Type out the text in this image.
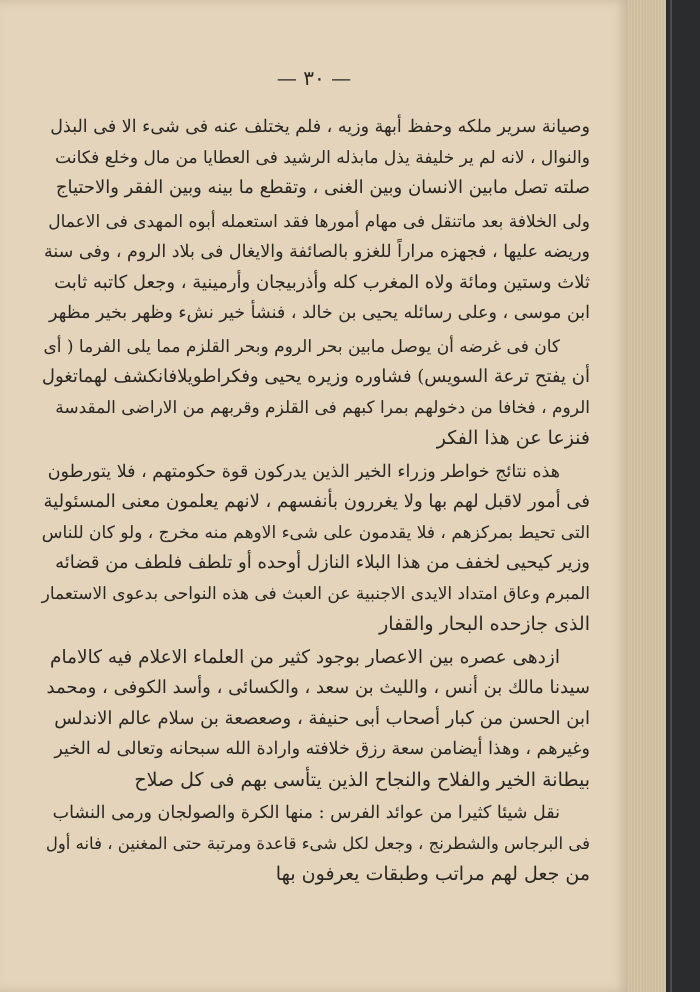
— ٣٠ —
وصيانة سرير ملكه وحفظ أبهة وزيه ، فلم يختلف عنه فى شىء الا فى البذل
والنوال ، لانه لم ير خليفة يذل مابذله الرشيد فى العطايا من مال وخلع فكانت
صلته تصل مابين الانسان وبين الغنى ، وتقطع ما بينه وبين الفقر والاحتياج
ولى الخلافة بعد ماتنقل فى مهام أمورها فقد استعمله أبوه المهدى فى الاعمال
وريضه عليها ، فجهزه مراراً للغزو بالصائفة والايغال فى بلاد الروم ، وفى سنة
ثلاث وستين ومائة ولاه المغرب كله وأذربيجان وأرمينية ، وجعل كاتبه ثابت
ابن موسى ، وعلى رسائله يحيى بن خالد ، فنشأ خير نشء وظهر بخير مظهر
كان فى غرضه أن يوصل مابين بحر الروم وبحر القلزم مما يلى الفرما ( أى
أن يفتح ترعة السويس) فشاوره وزيره يحيى وفكراطويلافانكشف لهماتغول
الروم ، فخافا من دخولهم بمرا كبهم فى القلزم وقربهم من الاراضى المقدسة
فنزعا عن هذا الفكر
هذه نتائج خواطر وزراء الخير الذين يدركون قوة حكومتهم ، فلا يتورطون
فى أمور لاقبل لهم بها ولا يغررون بأنفسهم ، لانهم يعلمون معنى المسئولية
التى تحيط بمركزهم ، فلا يقدمون على شىء الاوهم منه مخرج ، ولو كان للناس
وزير كيحيى لخفف من هذا البلاء النازل أوحده أو تلطف فلطف من قضائه
المبرم وعاق امتداد الايدى الاجنبية عن العبث فى هذه النواحى بدعوى الاستعمار
الذى جازحده البحار والقفار
ازدهى عصره بين الاعصار بوجود كثير من العلماء الاعلام فيه كالامام
سيدنا مالك بن أنس ، والليث بن سعد ، والكسائى ، وأسد الكوفى ، ومحمد
ابن الحسن من كبار أصحاب أبى حنيفة ، وصعصعة بن سلام عالم الاندلس
وغيرهم ، وهذا أيضامن سعة رزق خلافته وارادة الله سبحانه وتعالى له الخير
بيطانة الخير والفلاح والنجاح الذين يتأسى بهم فى كل صلاح
نقل شيئا كثيرا من عوائد الفرس : منها الكرة والصولجان ورمى النشاب
فى البرجاس والشطرنج ، وجعل لكل شىء قاعدة ومرتبة حتى المغنين ، فانه أول
من جعل لهم مراتب وطبقات يعرفون بها
